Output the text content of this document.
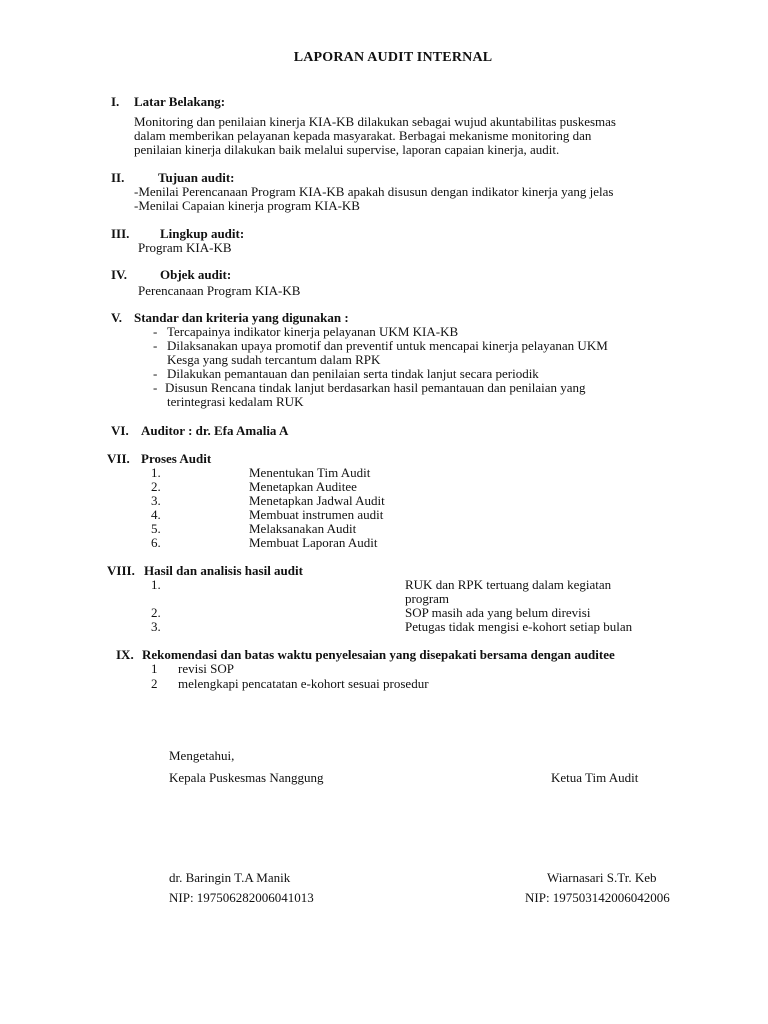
LAPORAN AUDIT INTERNAL
I. Latar Belakang:
Monitoring dan penilaian kinerja KIA-KB dilakukan sebagai wujud akuntabilitas puskesmas
dalam memberikan pelayanan kepada masyarakat. Berbagai mekanisme monitoring dan
penilaian kinerja dilakukan baik melalui supervise, laporan capaian kinerja, audit.
II.	Tujuan audit:
-Menilai Perencanaan Program KIA-KB apakah disusun dengan indikator kinerja yang jelas
-Menilai Capaian kinerja program KIA-KB
III. Lingkup audit:
Program KIA-KB
IV.	Objek audit:
Perencanaan Program KIA-KB
V. Standar dan kriteria yang digunakan :
- Tercapainya indikator kinerja pelayanan UKM KIA-KB
- Dilaksanakan upaya promotif dan preventif untuk mencapai kinerja pelayanan UKM
Kesga yang sudah tercantum dalam RPK
- Dilakukan pemantauan dan penilaian serta tindak lanjut secara periodik
- Disusun Rencana tindak lanjut berdasarkan hasil pemantauan dan penilaian yang
terintegrasi kedalam RUK
VI. Auditor : dr. Efa Amalia A
VII. Proses Audit
1.	Menentukan Tim Audit
2.	Menetapkan Auditee
3.	Menetapkan Jadwal Audit
4.	Membuat instrumen audit
5.	Melaksanakan Audit
6.	Membuat Laporan Audit
VIII. Hasil dan analisis hasil audit
1.	RUK dan RPK tertuang dalam kegiatan
program
2.	SOP masih ada yang belum direvisi
3.	Petugas tidak mengisi e-kohort setiap bulan
IX. Rekomendasi dan batas waktu penyelesaian yang disepakati bersama dengan auditee
1 revisi SOP
2 melengkapi pencatatan e-kohort sesuai prosedur
Mengetahui,
Kepala Puskesmas Nanggung	Ketua Tim Audit
dr. Baringin T.A Manik	Wiarnasari S.Tr. Keb
NIP: 197506282006041013	NIP: 197503142006042006
